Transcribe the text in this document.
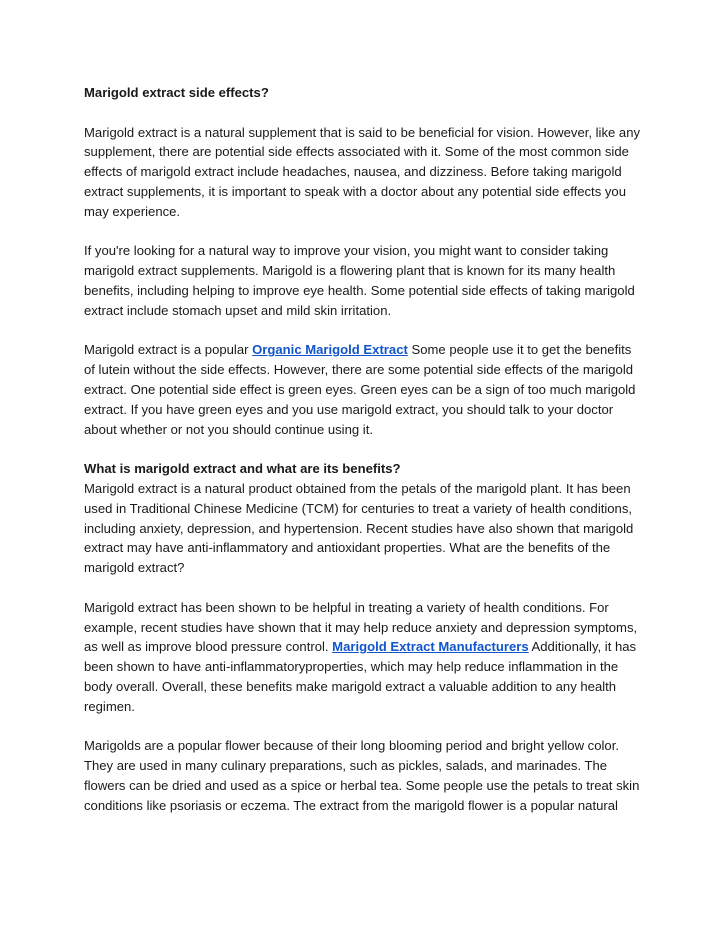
Marigold extract side effects?

Marigold extract is a natural supplement that is said to be beneficial for vision. However, like any supplement, there are potential side effects associated with it. Some of the most common side effects of marigold extract include headaches, nausea, and dizziness. Before taking marigold extract supplements, it is important to speak with a doctor about any potential side effects you may experience.

If you're looking for a natural way to improve your vision, you might want to consider taking marigold extract supplements. Marigold is a flowering plant that is known for its many health benefits, including helping to improve eye health. Some potential side effects of taking marigold extract include stomach upset and mild skin irritation.

Marigold extract is a popular Organic Marigold Extract Some people use it to get the benefits of lutein without the side effects. However, there are some potential side effects of the marigold extract. One potential side effect is green eyes. Green eyes can be a sign of too much marigold extract. If you have green eyes and you use marigold extract, you should talk to your doctor about whether or not you should continue using it.

What is marigold extract and what are its benefits?

Marigold extract is a natural product obtained from the petals of the marigold plant. It has been used in Traditional Chinese Medicine (TCM) for centuries to treat a variety of health conditions, including anxiety, depression, and hypertension. Recent studies have also shown that marigold extract may have anti-inflammatory and antioxidant properties. What are the benefits of the marigold extract?

Marigold extract has been shown to be helpful in treating a variety of health conditions. For example, recent studies have shown that it may help reduce anxiety and depression symptoms, as well as improve blood pressure control. Marigold Extract Manufacturers Additionally, it has been shown to have anti-inflammatoryproperties, which may help reduce inflammation in the body overall. Overall, these benefits make marigold extract a valuable addition to any health regimen.

Marigolds are a popular flower because of their long blooming period and bright yellow color. They are used in many culinary preparations, such as pickles, salads, and marinades. The flowers can be dried and used as a spice or herbal tea. Some people use the petals to treat skin conditions like psoriasis or eczema. The extract from the marigold flower is a popular natural
